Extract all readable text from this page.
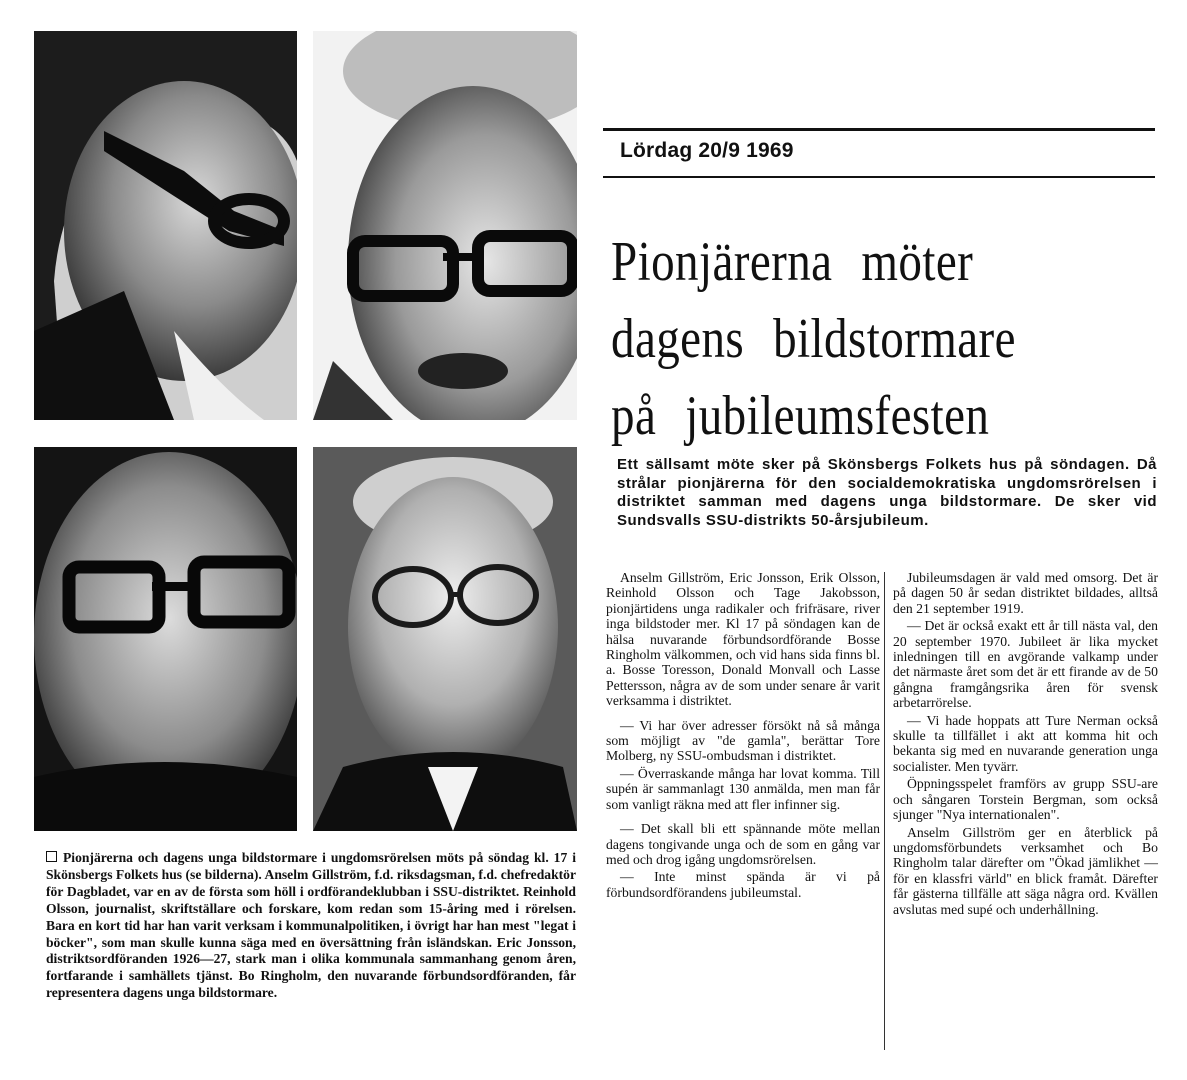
Pionjärerna och dagens unga bildstormare i ungdomsrörelsen möts på söndag kl. 17 i Skönsbergs Folkets hus (se bilderna). Anselm Gillström, f.d. riksdagsman, f.d. chefredaktör för Dagbladet, var en av de första som höll i ordförandeklubban i SSU-distriktet. Reinhold Olsson, journalist, skriftställare och forskare, kom redan som 15-åring med i rörelsen. Bara en kort tid har han varit verksam i kommunalpolitiken, i övrigt har han mest "legat i böcker", som man skulle kunna säga med en översättning från isländskan. Eric Jonsson, distriktsordföranden 1926—27, stark man i olika kommunala sammanhang genom åren, fortfarande i samhällets tjänst. Bo Ringholm, den nuvarande förbundsordföranden, får representera dagens unga bildstormare.

Lördag 20/9 1969

Pionjärerna möter
dagens bildstormare
på jubileumsfesten

Ett sällsamt möte sker på Skönsbergs Folkets hus på söndagen. Då strålar pionjärerna för den socialdemokratiska ungdomsrörelsen i distriktet samman med dagens unga bildstormare. De sker vid Sundsvalls SSU-distrikts 50-årsjubileum.

Anselm Gillström, Eric Jonsson, Erik Olsson, Reinhold Olsson och Tage Jakobsson, pionjärtidens unga radikaler och frifräsare, river inga bildstoder mer. Kl 17 på söndagen kan de hälsa nuvarande förbundsordförande Bosse Ringholm välkommen, och vid hans sida finns bl. a. Bosse Toresson, Donald Monvall och Lasse Pettersson, några av de som under senare år varit verksamma i distriktet.

— Vi har över adresser försökt nå så många som möjligt av "de gamla", berättar Tore Molberg, ny SSU-ombudsman i distriktet.

— Överraskande många har lovat komma. Till supén är sammanlagt 130 anmälda, men man får som vanligt räkna med att fler infinner sig.

— Det skall bli ett spännande möte mellan dagens tongivande unga och de som en gång var med och drog igång ungdomsrörelsen.

— Inte minst spända är vi på förbundsordförandens jubileumstal.

Jubileumsdagen är vald med omsorg. Det är på dagen 50 år sedan distriktet bildades, alltså den 21 september 1919.

— Det är också exakt ett år till nästa val, den 20 september 1970. Jubileet är lika mycket inledningen till en avgörande valkamp under det närmaste året som det är ett firande av de 50 gångna framgångsrika åren för svensk arbetarrörelse.

— Vi hade hoppats att Ture Nerman också skulle ta tillfället i akt att komma hit och bekanta sig med en nuvarande generation unga socialister. Men tyvärr.

Öppningsspelet framförs av grupp SSU-are och sångaren Torstein Bergman, som också sjunger "Nya internationalen".

Anselm Gillström ger en återblick på ungdomsförbundets verksamhet och Bo Ringholm talar därefter om "Ökad jämlikhet — för en klassfri värld" en blick framåt. Därefter får gästerna tillfälle att säga några ord. Kvällen avslutas med supé och underhållning.
